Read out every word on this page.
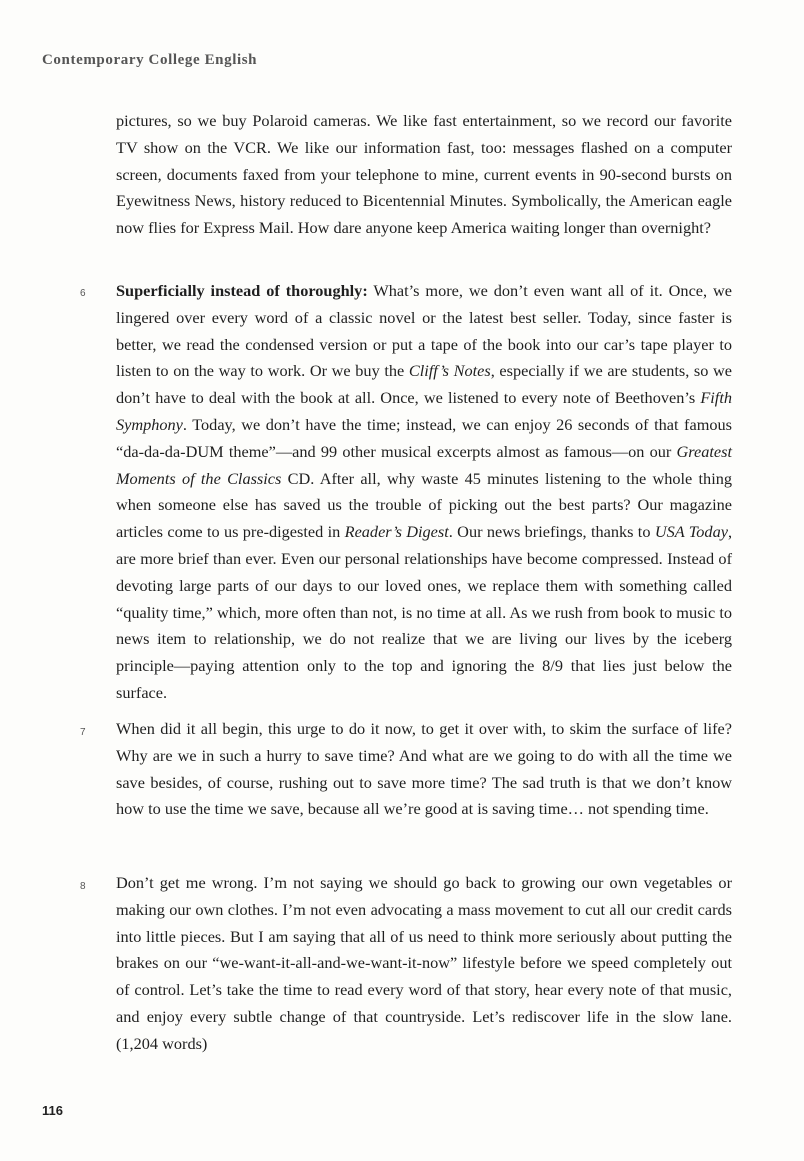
Contemporary College English

pictures, so we buy Polaroid cameras. We like fast entertainment, so we record our favorite TV show on the VCR. We like our information fast, too: messages flashed on a computer screen, documents faxed from your telephone to mine, current events in 90-second bursts on Eyewitness News, history reduced to Bicentennial Minutes. Symbolically, the American eagle now flies for Express Mail. How dare anyone keep America waiting longer than overnight?

6 Superficially instead of thoroughly: What’s more, we don’t even want all of it. Once, we lingered over every word of a classic novel or the latest best seller. Today, since faster is better, we read the condensed version or put a tape of the book into our car’s tape player to listen to on the way to work. Or we buy the Cliff’s Notes, especially if we are students, so we don’t have to deal with the book at all. Once, we listened to every note of Beethoven’s Fifth Symphony. Today, we don’t have the time; instead, we can enjoy 26 seconds of that famous “da-da-da-DUM theme”—and 99 other musical excerpts almost as famous—on our Greatest Moments of the Classics CD. After all, why waste 45 minutes listening to the whole thing when someone else has saved us the trouble of picking out the best parts? Our magazine articles come to us pre-digested in Reader’s Digest. Our news briefings, thanks to USA Today, are more brief than ever. Even our personal relationships have become compressed. Instead of devoting large parts of our days to our loved ones, we replace them with something called “quality time,” which, more often than not, is no time at all. As we rush from book to music to news item to relationship, we do not realize that we are living our lives by the iceberg principle—paying attention only to the top and ignoring the 8/9 that lies just below the surface.

7 When did it all begin, this urge to do it now, to get it over with, to skim the surface of life? Why are we in such a hurry to save time? And what are we going to do with all the time we save besides, of course, rushing out to save more time? The sad truth is that we don’t know how to use the time we save, because all we’re good at is saving time… not spending time.

8 Don’t get me wrong. I’m not saying we should go back to growing our own vegetables or making our own clothes. I’m not even advocating a mass movement to cut all our credit cards into little pieces. But I am saying that all of us need to think more seriously about putting the brakes on our “we-want-it-all-and-we-want-it-now” lifestyle before we speed completely out of control. Let’s take the time to read every word of that story, hear every note of that music, and enjoy every subtle change of that countryside. Let’s rediscover life in the slow lane. (1,204 words)

116
